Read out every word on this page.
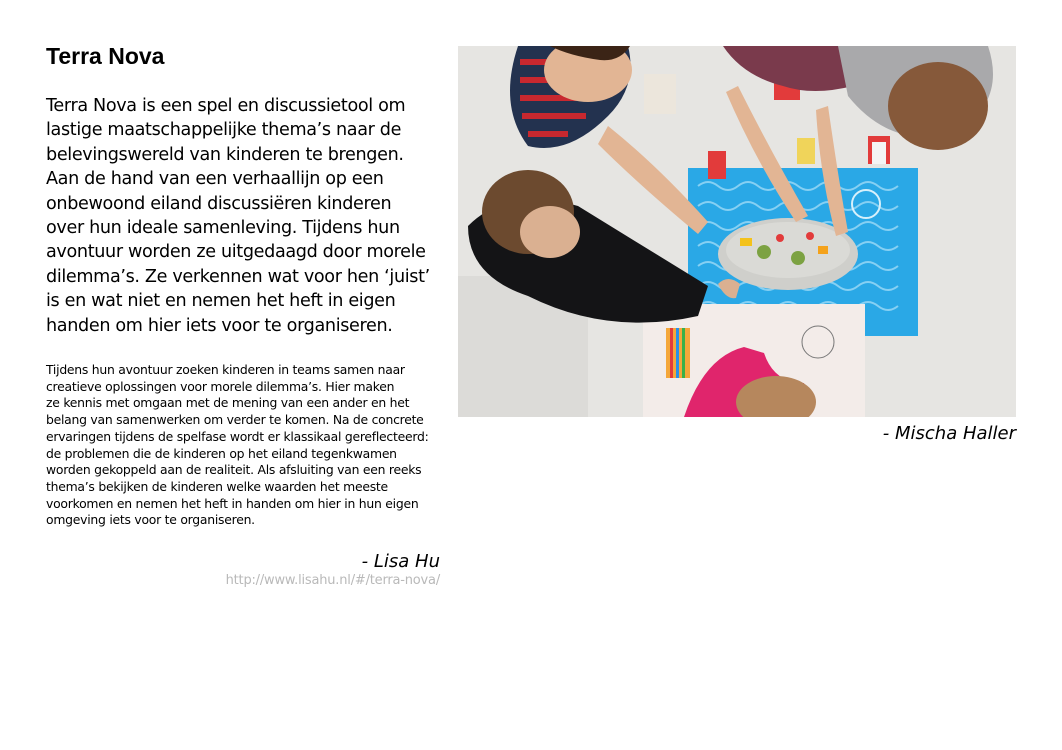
Terra Nova

Terra Nova is een spel en discussietool om
lastige maatschappelijke thema’s naar de
belevingswereld van kinderen te brengen.
Aan de hand van een verhaallijn op een
onbewoond eiland discussiëren kinderen
over hun ideale samenleving. Tijdens hun
avontuur worden ze uitgedaagd door morele
dilemma’s. Ze verkennen wat voor hen ‘juist’
is en wat niet en nemen het heft in eigen
handen om hier iets voor te organiseren.

Tijdens hun avontuur zoeken kinderen in teams samen naar
creatieve oplossingen voor morele dilemma’s. Hier maken
ze kennis met omgaan met de mening van een ander en het
belang van samenwerken om verder te komen. Na de concrete
ervaringen tijdens de spelfase wordt er klassikaal gereflecteerd:
de problemen die de kinderen op het eiland tegenkwamen
worden gekoppeld aan de realiteit. Als afsluiting van een reeks
thema’s bekijken de kinderen welke waarden het meeste
voorkomen en nemen het heft in handen om hier in hun eigen
omgeving iets voor te organiseren.

- Lisa Hu
http://www.lisahu.nl/#/terra-nova/
- Mischa Haller
